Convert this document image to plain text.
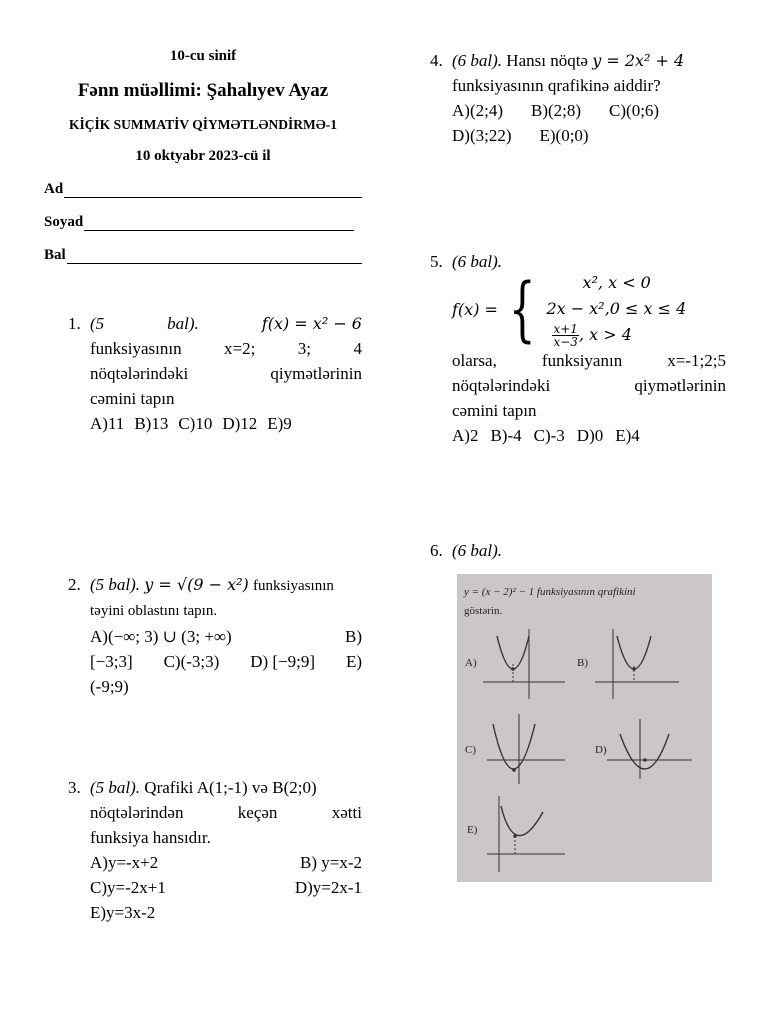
10-cu sinif
Fənn müəllimi: Şahalıyev Ayaz
KİÇİK SUMMATİV QİYMƏTLƏNDİRMƏ-1
10 oktyabr 2023-cü il
Ad
Soyad
Bal
1. (5	bal).	f(x) = x² − 6
funksiyasının x=2; 3; 4
nöqtələrindəki	qiymətlərinin
cəmini tapın
A)11 B)13 C)10 D)12 E)9
2. (5 bal). y = √(9 − x²) funksiyasının
təyini oblastını tapın.
A)(−∞; 3) ∪ (3; +∞)	B)
[−3;3] C)(-3;3) D) [−9;9] E)
(-9;9)
3. (5 bal). Qrafiki A(1;-1) və B(2;0)
nöqtələrindən	keçən	xətti
funksiya hansıdır.
A)y=-x+2	B) y=x-2
C)y=-2x+1	D)y=2x-1
E)y=3x-2
4. (6 bal). Hansı nöqtə y = 2x² + 4
funksiyasının qrafikinə aiddir?
A)(2;4) B)(2;8) C)(0;6)
D)(3;22) E)(0;0)
5. (6 bal).
f(x) = {	x², x < 0
2x − x²,0 ≤ x ≤ 4
$\frac{x+1}{x-3}$ , x > 4
olarsa,	funksiyanın	x=-1;2;5
nöqtələrindəki	qiymətlərinin
cəmini tapın
A)2 B)-4 C)-3 D)0 E)4
6. (6 bal).
y = (x − 2)² − 1 funksiyasının qrafikini
göstərin.
A)	B)
C)	D)
E)
